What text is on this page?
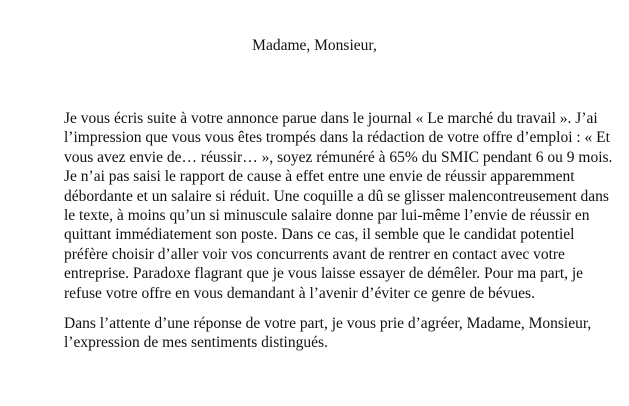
Madame, Monsieur,

Je vous écris suite à votre annonce parue dans le journal « Le marché du travail ». J’ai
l’impression que vous vous êtes trompés dans la rédaction de votre offre d’emploi : « Et
vous avez envie de… réussir… », soyez rémunéré à 65% du SMIC pendant 6 ou 9 mois.
Je n’ai pas saisi le rapport de cause à effet entre une envie de réussir apparemment
débordante et un salaire si réduit. Une coquille a dû se glisser malencontreusement dans
le texte, à moins qu’un si minuscule salaire donne par lui-même l’envie de réussir en
quittant immédiatement son poste. Dans ce cas, il semble que le candidat potentiel
préfère choisir d’aller voir vos concurrents avant de rentrer en contact avec votre
entreprise. Paradoxe flagrant que je vous laisse essayer de démêler. Pour ma part, je
refuse votre offre en vous demandant à l’avenir d’éviter ce genre de bévues.

Dans l’attente d’une réponse de votre part, je vous prie d’agréer, Madame, Monsieur,
l’expression de mes sentiments distingués.
